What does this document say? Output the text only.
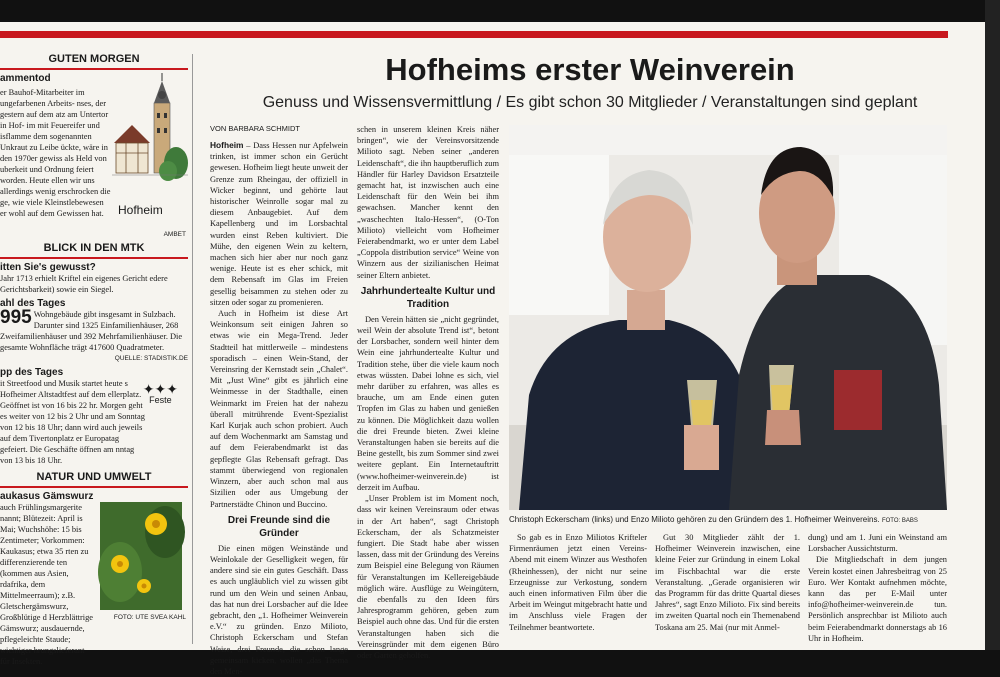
GUTEN MORGEN
ammentod

er Bauhof-Mitarbeiter im ungefarbenen Arbeits- nses, der gestern auf dem atz am Untertor in Hof- im mit Feuereifer und isflamme dem sogenannten Unkraut zu Leibe ückte, wäre in den 1970er gewiss als Held von uberkeit und Ordnung feiert worden. Heute ellen wir uns allerdings wenig erschrocken die ge, wie viele Kleinstlebewesen er wohl auf dem Gewissen hat.	Hofheim
AMBET
BLICK IN DEN MTK
itten Sie's gewusst?

Jahr 1713 erhielt Kriftel ein eigenes Gericht edere Gerichtsbarkeit) sowie ein Siegel.

ahl des Tages
995 Wohngebäude gibt insgesamt in Sulzbach. Darunter sind 1325 Einfamilienhäuser, 268 Zweifamilienhäuser und 392 Mehrfamilienhäuser. Die gesamte Wohnfläche trägt 417600 Quadratmeter.

QUELLE: STADISTIK.DE
pp des Tages

it Streetfood und Musik startet heute s Hofheimer Altstadtfest auf dem ellerplatz. Geöffnet ist von 16 bis 22 hr. Morgen geht es weiter von 12 bis 2 Uhr und am Sonntag von 12 bis 18 Uhr; dann wird auch jeweils auf dem Tivertonplatz er Europatag gefeiert. Die Geschäfte öffnen am nntag von 13 bis 18 Uhr.

✦✦✦
Feste
NATUR UND UMWELT
aukasus Gämswurz

auch Frühlingsmargerite nannt; Blütezeit: April is Mai; Wuchshöhe: 15 bis Zentimeter; Vorkommen: Kaukasus; etwa 35 rten zu differenzierende ten (kommen aus Asien, rdafrika, dem Mittelmeerraum); z.B. Gletschergämswurz, Großblütige d Herzblättrige Gämswurz; ausdauernde, pflegeleichte Staude; wichtiger hrungslieferant für Insekten.

FOTO: UTE SVEA KAHL
Hofheims erster Weinverein
Genuss und Wissensvermittlung / Es gibt schon 30 Mitglieder / Veranstaltungen sind geplant
VON BARBARA SCHMIDT

Hofheim – Dass Hessen nur Apfelwein trinken, ist immer schon ein Gerücht gewesen. Hofheim liegt heute unweit der Grenze zum Rheingau, der offiziell in Wicker beginnt, und gehörte laut historischer Weinrolle sogar mal zu diesem Anbaugebiet. Auf dem Kapellenberg und im Lorsbachtal wurden einst Reben kultiviert. Die Mühe, den eigenen Wein zu keltern, machen sich hier aber nur noch ganz wenige. Heute ist es eher schick, mit dem Rebensaft im Glas im Freien gesellig beisammen zu stehen oder zu sitzen oder sogar zu promenieren.

Auch in Hofheim ist diese Art Weinkonsum seit einigen Jahren so etwas wie ein Mega-Trend. Jeder Stadtteil hat mittlerweile – mindestens sporadisch – einen Wein-Stand, der Vereinsring der Kernstadt sein „Chalet“. Mit „Just Wine“ gibt es jährlich eine Weinmesse in der Stadthalle, einen Weinmarkt im Freien hat der nahezu überall mitrührende Event-Spezialist Karl Kurjak auch schon probiert. Auch auf dem Wochenmarkt am Samstag und auf dem Feierabendmarkt ist das gepflegte Glas Rebensaft gefragt. Das stammt überwiegend von regionalen Winzern, aber auch schon mal aus Sizilien oder aus Umgebung der Partnerstädte Chinon und Buccino.

Drei Freunde sind die Gründer

Die einen mögen Weinstände und Weinlokale der Geselligkeit wegen, für andere sind sie ein gutes Geschäft. Dass es auch ungläublich viel zu wissen gibt rund um den Wein und seinen Anbau, das hat nun drei Lorsbacher auf die Idee gebracht, den „1. Hofheimer Weinverein e.V.“ zu gründen. Enzo Milioto, Christoph Eckerscham und Stefan Weise, drei Freunde, die schon lange gemeinsam kicken, wollen „das Thema den Men-

schen in unserem kleinen Kreis näher bringen“, wie der Vereinsvorsitzende Milioto sagt. Neben seiner „anderen Leidenschaft“, die ihn hauptberuflich zum Händler für Harley Davidson Ersatzteile gemacht hat, ist inzwischen auch eine Leidenschaft für den Wein bei ihm gewachsen. Mancher kennt den „waschechten Italo-Hessen“, (O-Ton Milioto) vielleicht vom Hofheimer Feierabendmarkt, wo er unter dem Label „Coppola distribution service“ Weine von Winzern aus der sizilianischen Heimat seiner Eltern anbietet.

Jahrhundertealte Kultur und Tradition

Den Verein hätten sie „nicht gegründet, weil Wein der absolute Trend ist“, betont der Lorsbacher, sondern weil hinter dem Wein eine jahrhundertealte Kultur und Tradition stehe, über die viele kaum noch etwas wüssten. Dabei lohne es sich, viel mehr darüber zu erfahren, was alles es brauche, um am Ende einen guten Tropfen im Glas zu haben und genießen zu können. Die Möglichkeit dazu wollen die drei Freunde bieten. Zwei kleine Veranstaltungen haben sie bereits auf die Beine gestellt, bis zum Sommer sind zwei weitere geplant. Ein Internetauftritt (www.hofheimer-weinverein.de) ist derzeit im Aufbau.

„Unser Problem ist im Moment noch, dass wir keinen Vereinsraum oder etwas in der Art haben“, sagt Christoph Eckerscham, der als Schatzmeister fungiert. Die Stadt habe aber wissen lassen, dass mit der Gründung des Vereins zum Beispiel eine Belegung von Räumen für Veranstaltungen im Kellereigebäude möglich wäre. Ausflüge zu Weingütern, die ebenfalls zu den Ideen fürs Jahresprogramm gehören, geben zum Beispiel auch ohne das. Und für die ersten Veranstaltungen haben sich die Vereinsgründer mit dem eigenen Büro oder Garten geholfen.

Christoph Eckerscham (links) und Enzo Milioto gehören zu den Gründern des 1. Hofheimer Weinvereins. FOTO: BABS

So gab es in Enzo Miliotos Krifteler Firmenräumen jetzt einen Vereins-Abend mit einem Winzer aus Westhofen (Rheinhessen), der nicht nur seine Erzeugnisse zur Verkostung, sondern auch einen informativen Film über die Arbeit im Weingut mitgebracht hatte und im Anschluss viele Fragen der Teilnehmer beantwortete.

Gut 30 Mitglieder zählt der 1. Hofheimer Weinverein inzwischen, eine kleine Feier zur Gründung in einem Lokal im Fischbachtal war die erste Veranstaltung. „Gerade organisieren wir das Programm für das dritte Quartal dieses Jahres“, sagt Enzo Milioto. Fix sind bereits im zweiten Quartal noch ein Themenabend Toskana am 25. Mai (nur mit Anmel-

dung) und am 1. Juni ein Weinstand am Lorsbacher Aussichtsturm.

Die Mitgliedschaft in dem jungen Verein kostet einen Jahresbeitrag von 25 Euro. Wer Kontakt aufnehmen möchte, kann das per E-Mail unter info@hofheimer-weinverein.de tun. Persönlich ansprechbar ist Milioto auch beim Feierabendmarkt donnerstags ab 16 Uhr in Hofheim.
